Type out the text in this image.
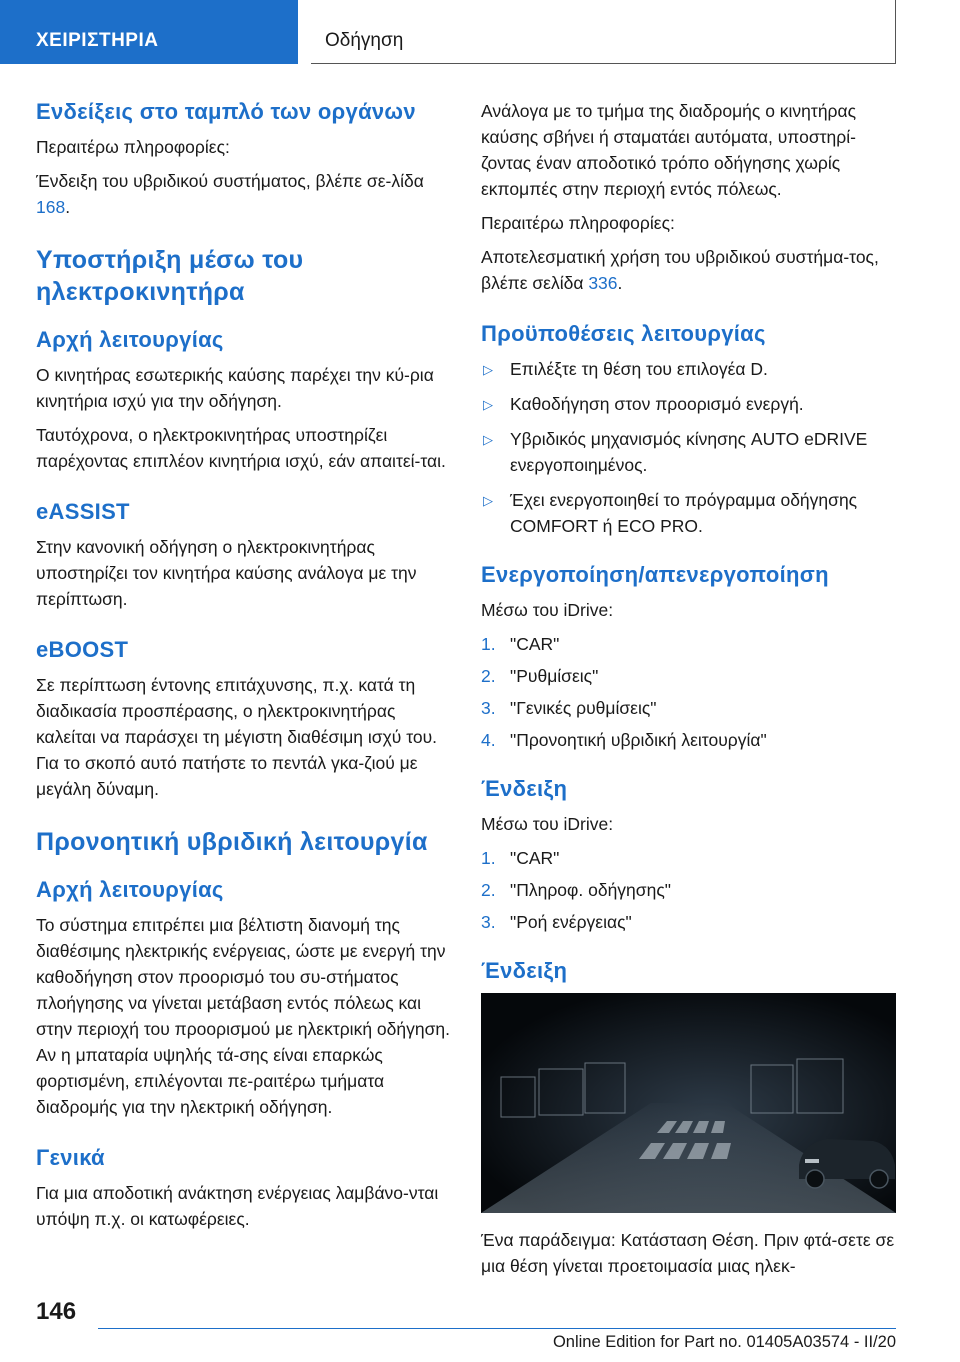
ΧΕΙΡΙΣΤΗΡΙΑ	Οδήγηση
Ενδείξεις στο ταμπλό των οργάνων

Περαιτέρω πληροφορίες:

Ένδειξη του υβριδικού συστήματος, βλέπε σε‐λίδα 168.

Υποστήριξη μέσω του ηλεκτροκινητήρα
Αρχή λειτουργίας

Ο κινητήρας εσωτερικής καύσης παρέχει την κύ‐ρια κινητήρια ισχύ για την οδήγηση.

Ταυτόχρονα, ο ηλεκτροκινητήρας υποστηρίζει παρέχοντας επιπλέον κινητήρια ισχύ, εάν απαιτεί‐ται.

eASSIST

Στην κανονική οδήγηση ο ηλεκτροκινητήρας υποστηρίζει τον κινητήρα καύσης ανάλογα με την περίπτωση.

eBOOST

Σε περίπτωση έντονης επιτάχυνσης, π.χ. κατά τη διαδικασία προσπέρασης, ο ηλεκτροκινητήρας καλείται να παράσχει τη μέγιστη διαθέσιμη ισχύ του. Για το σκοπό αυτό πατήστε το πεντάλ γκα‐ζιού με μεγάλη δύναμη.

Προνοητική υβριδική λειτουργία
Αρχή λειτουργίας

Το σύστημα επιτρέπει μια βέλτιστη διανομή της διαθέσιμης ηλεκτρικής ενέργειας, ώστε με ενεργή την καθοδήγηση στον προορισμό του συ‐στήματος πλοήγησης να γίνεται μετάβαση εντός πόλεως και στην περιοχή του προορισμού με ηλεκτρική οδήγηση. Αν η μπαταρία υψηλής τά‐σης είναι επαρκώς φορτισμένη, επιλέγονται πε‐ραιτέρω τμήματα διαδρομής για την ηλεκτρική οδήγηση.

Γενικά

Για μια αποδοτική ανάκτηση ενέργειας λαμβάνο‐νται υπόψη π.χ. οι κατωφέρειες.

Ανάλογα με το τμήμα της διαδρομής ο κινητήρας καύσης σβήνει ή σταματάει αυτόματα, υποστηρί‐ζοντας έναν αποδοτικό τρόπο οδήγησης χωρίς εκπομπές στην περιοχή εντός πόλεως.

Περαιτέρω πληροφορίες:

Αποτελεσματική χρήση του υβριδικού συστήμα‐τος, βλέπε σελίδα 336.

Προϋποθέσεις λειτουργίας
▷ Επιλέξτε τη θέση του επιλογέα D.
▷ Καθοδήγηση στον προορισμό ενεργή.
▷ Υβριδικός μηχανισμός κίνησης AUTO eDRIVE ενεργοποιημένος.
▷ Έχει ενεργοποιηθεί το πρόγραμμα οδήγησης COMFORT ή ECO PRO.
Ενεργοποίηση/απενεργοποίηση

Μέσω του iDrive:

1. "CAR"
2. "Ρυθμίσεις"
3. "Γενικές ρυθμίσεις"
4. "Προνοητική υβριδική λειτουργία"
Ένδειξη

Μέσω του iDrive:

1. "CAR"
2. "Πληροφ. οδήγησης"
3. "Ροή ενέργειας"
Ένδειξη

Ένα παράδειγμα: Κατάσταση Θέση. Πριν φτά‐σετε σε μια θέση γίνεται προετοιμασία μιας ηλεκ‐

146
Online Edition for Part no. 01405A03574 - II/20
